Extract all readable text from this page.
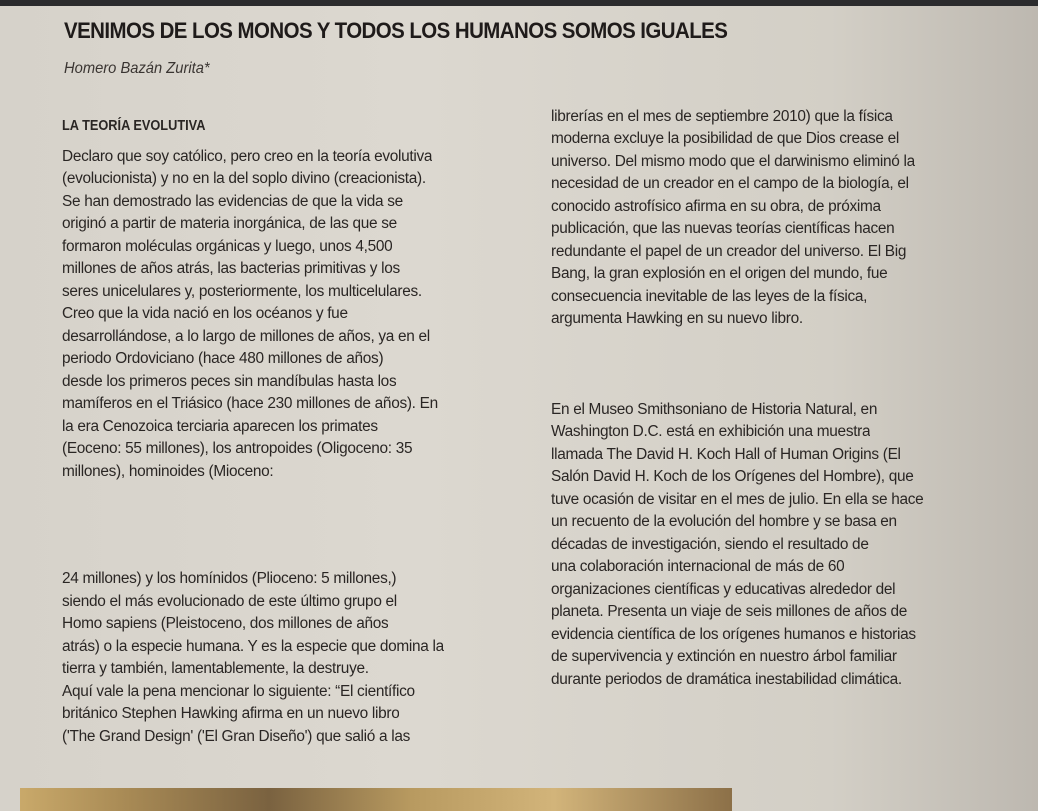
VENIMOS DE LOS MONOS Y TODOS LOS HUMANOS SOMOS IGUALES
Homero Bazán Zurita*
LA TEORÍA EVOLUTIVA
Declaro que soy católico, pero creo en la teoría evolutiva
(evolucionista) y no en la del soplo divino (creacionista).
Se han demostrado las evidencias de que la vida se
originó a partir de materia inorgánica, de las que se
formaron moléculas orgánicas y luego, unos 4,500
millones de años atrás, las bacterias primitivas y los
seres unicelulares y, posteriormente, los multicelulares.
Creo que la vida nació en los océanos y fue
desarrollándose, a lo largo de millones de años, ya en el
periodo Ordoviciano (hace 480 millones de años)
desde los primeros peces sin mandíbulas hasta los
mamíferos en el Triásico (hace 230 millones de años). En
la era Cenozoica terciaria aparecen los primates
(Eoceno: 55 millones), los antropoides (Oligoceno: 35
millones), hominoides (Mioceno:
24 millones) y los homínidos (Plioceno: 5 millones,)
siendo el más evolucionado de este último grupo el
Homo sapiens (Pleistoceno, dos millones de años
atrás) o la especie humana. Y es la especie que domina la
tierra y también, lamentablemente, la destruye.
Aquí vale la pena mencionar lo siguiente: “El científico
británico Stephen Hawking afirma en un nuevo libro
('The Grand Design' ('El Gran Diseño') que salió a las
librerías en el mes de septiembre 2010) que la física
moderna excluye la posibilidad de que Dios crease el
universo. Del mismo modo que el darwinismo eliminó la
necesidad de un creador en el campo de la biología, el
conocido astrofísico afirma en su obra, de próxima
publicación, que las nuevas teorías científicas hacen
redundante el papel de un creador del universo. El Big
Bang, la gran explosión en el origen del mundo, fue
consecuencia inevitable de las leyes de la física,
argumenta Hawking en su nuevo libro.
En el Museo Smithsoniano de Historia Natural, en
Washington D.C. está en exhibición una muestra
llamada The David H. Koch Hall of Human Origins (El
Salón David H. Koch de los Orígenes del Hombre), que
tuve ocasión de visitar en el mes de julio. En ella se hace
un recuento de la evolución del hombre y se basa en
décadas de investigación, siendo el resultado de
una colaboración internacional de más de 60
organizaciones científicas y educativas alrededor del
planeta. Presenta un viaje de seis millones de años de
evidencia científica de los orígenes humanos e historias
de supervivencia y extinción en nuestro árbol familiar
durante periodos de dramática inestabilidad climática.
